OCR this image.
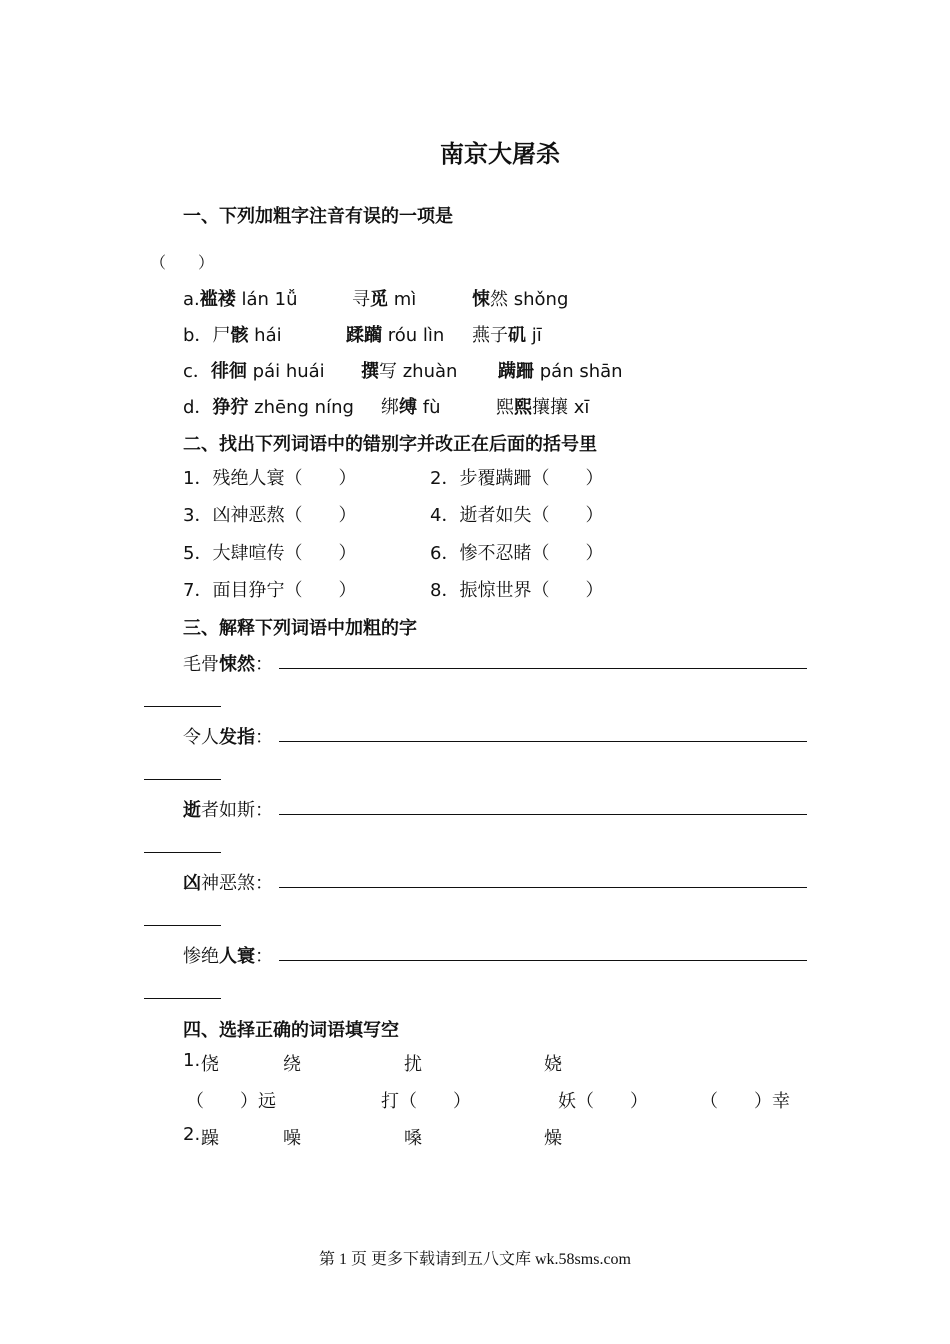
南京大屠杀
一、下列加粗字注音有误的一项是
（　　）
a.褴褛 lán 1ǚ	寻觅 mì	悚然 shǒng
b．尸骸 hái	蹂躏 róu lìn 燕子矶 jī
c．徘徊 pái huái 撰写 zhuàn 蹒跚 pán shān
d．狰狞 zhēng níng 绑缚 fù	熙熙攘攘 xī
二、找出下列词语中的错别字并改正在后面的括号里
1．残绝人寰（　　）	2．步覆蹒跚（　　）
3．凶神恶熬（　　）	4．逝者如失（　　）
5．大肆喧传（　　）	6．惨不忍睹（　　）
7．面目狰宁（　　）	8．振惊世界（　　）
三、解释下列词语中加粗的字
毛骨悚然：
令人发指：
逝者如斯：
凶神恶煞：
惨绝人寰：
四、选择正确的词语填写空
1. 侥	绕	扰	娆
（　　）远	打（　　）	妖（　　）	（　　）幸
2. 躁	噪	嗓	燥
第 1 页 更多下载请到五八文库 wk.58sms.com
